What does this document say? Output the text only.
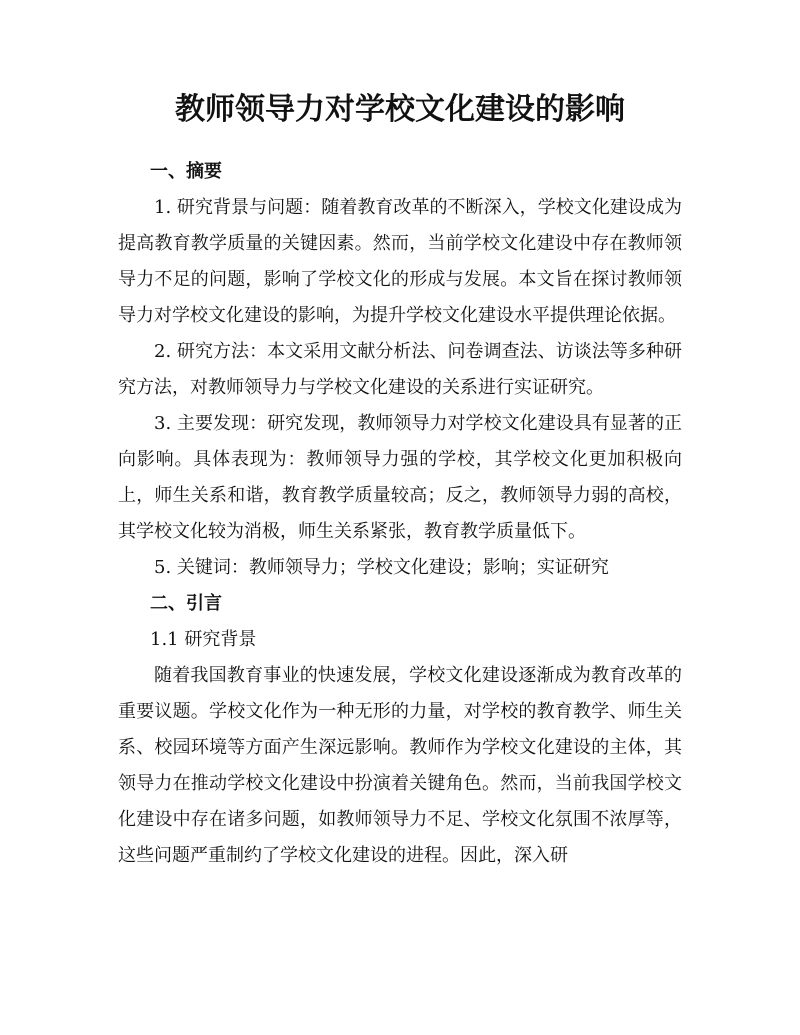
教师领导力对学校文化建设的影响
一、摘要

1. 研究背景与问题：随着教育改革的不断深入，学校文化建设成为提高教育教学质量的关键因素。然而，当前学校文化建设中存在教师领导力不足的问题，影响了学校文化的形成与发展。本文旨在探讨教师领导力对学校文化建设的影响，为提升学校文化建设水平提供理论依据。

2. 研究方法：本文采用文献分析法、问卷调查法、访谈法等多种研究方法，对教师领导力与学校文化建设的关系进行实证研究。

3. 主要发现：研究发现，教师领导力对学校文化建设具有显著的正向影响。具体表现为：教师领导力强的学校，其学校文化更加积极向上，师生关系和谐，教育教学质量较高；反之，教师领导力弱的高校，其学校文化较为消极，师生关系紧张，教育教学质量低下。

5. 关键词：教师领导力；学校文化建设；影响；实证研究

二、引言

1.1 研究背景

随着我国教育事业的快速发展，学校文化建设逐渐成为教育改革的重要议题。学校文化作为一种无形的力量，对学校的教育教学、师生关系、校园环境等方面产生深远影响。教师作为学校文化建设的主体，其领导力在推动学校文化建设中扮演着关键角色。然而，当前我国学校文化建设中存在诸多问题，如教师领导力不足、学校文化氛围不浓厚等，这些问题严重制约了学校文化建设的进程。因此，深入研
